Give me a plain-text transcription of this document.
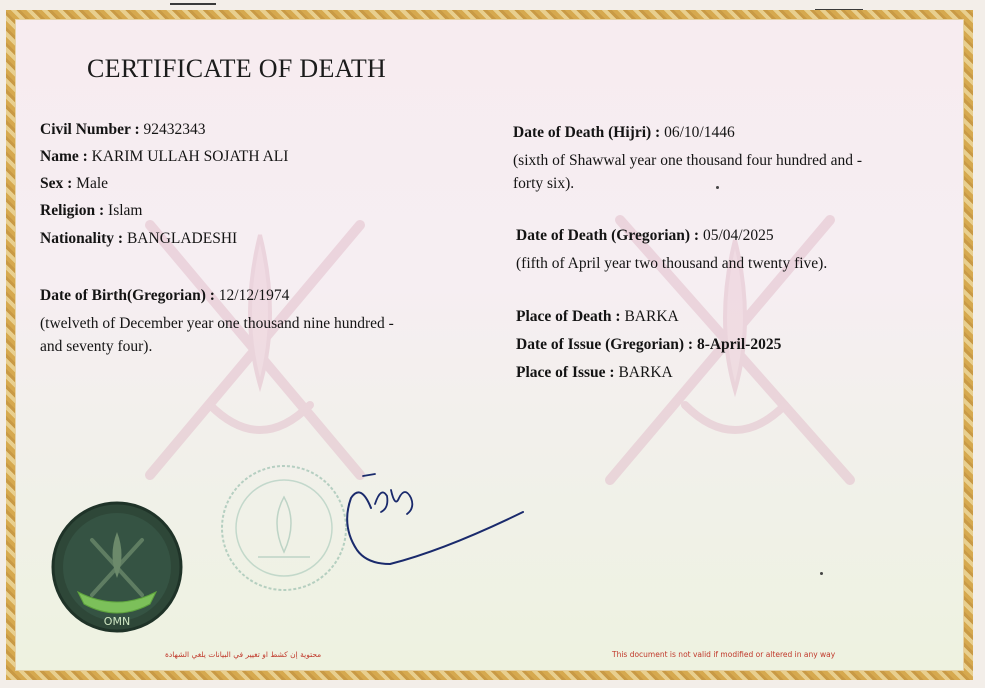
CERTIFICATE OF DEATH
Civil Number : 92432343
Name : KARIM ULLAH SOJATH ALI
Sex : Male
Religion : Islam
Nationality : BANGLADESHI
Date of Birth(Gregorian) : 12/12/1974
(twelveth of December year one thousand nine hundred -
and seventy four).
Date of Death (Hijri) : 06/10/1446
(sixth of Shawwal year one thousand four hundred and -
forty six).
Date of Death (Gregorian) : 05/04/2025
(fifth of April year two thousand and twenty five).
Place of Death : BARKA
Date of Issue (Gregorian) : 8-April-2025
Place of Issue : BARKA
OMN
محتوية إن كشط او تغيير في البيانات يلغي الشهادة	This document is not valid if modified or altered in any way
